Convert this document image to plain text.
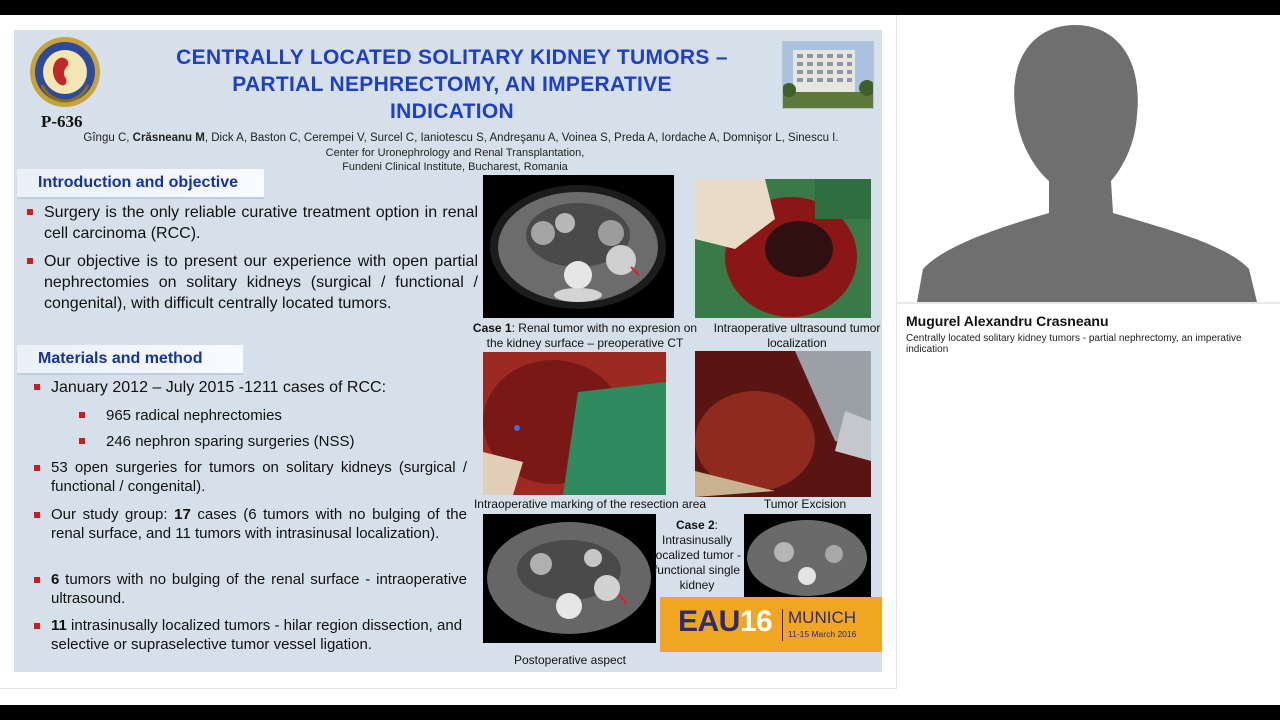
CENTRALLY LOCATED SOLITARY KIDNEY TUMORS –
PARTIAL NEPHRECTOMY, AN IMPERATIVE
INDICATION
P-636
Gîngu C, Crăsneanu M, Dick A, Baston C, Cerempei V, Surcel C, Ianiotescu S, Andreşanu A, Voinea S, Preda A, Iordache A, Domnişor L, Sinescu I.
Center for Uronephrology and Renal Transplantation,
Fundeni Clinical Institute, Bucharest, Romania
Introduction and objective
Surgery is the only reliable curative treatment option in renal cell carcinoma (RCC).
Our objective is to present our experience with open partial nephrectomies on solitary kidneys (surgical / functional / congenital), with difficult centrally located tumors.
Materials and method
January 2012 – July 2015 -1211 cases of RCC:
965 radical nephrectomies
246 nephron sparing surgeries (NSS)
53 open surgeries for tumors on solitary kidneys (surgical / functional / congenital).
Our study group: 17 cases (6 tumors with no bulging of the renal surface, and 11 tumors with intrasinusal localization).
6 tumors with no bulging of the renal surface - intraoperative ultrasound.
11 intrasinusally localized tumors - hilar region dissection, and selective or supraselective tumor vessel ligation.
Case 1: Renal tumor with no expresion on the kidney surface – preoperative CT
Intraoperative ultrasound tumor localization
Intraoperative marking of the resection area	Tumor Excision
Postoperative aspect
Case 2: Intrasinusally localized tumor - functional single kidney
EAU16 MUNICH
11-15 March 2016
Mugurel Alexandru Crasneanu
Centrally located solitary kidney tumors - partial nephrectomy, an imperative indication
